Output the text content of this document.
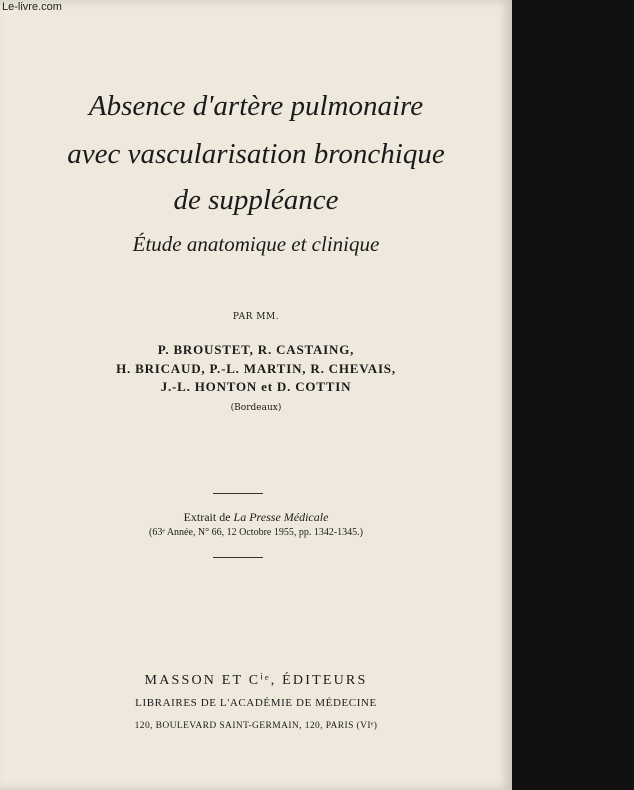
Le-livre.com
Absence d'artère pulmonaire
avec vascularisation bronchique
de suppléance
Étude anatomique et clinique
PAR MM.
P. BROUSTET, R. CASTAING,
H. BRICAUD, P.-L. MARTIN, R. CHEVAIS,
J.-L. HONTON et D. COTTIN
(Bordeaux)
Extrait de La Presse Médicale
(63ᵉ Année, N° 66, 12 Octobre 1955, pp. 1342-1345.)
MASSON ET Cⁱᵉ, ÉDITEURS
LIBRAIRES DE L'ACADÉMIE DE MÉDECINE
120, BOULEVARD SAINT-GERMAIN, 120, PARIS (VIᵉ)
